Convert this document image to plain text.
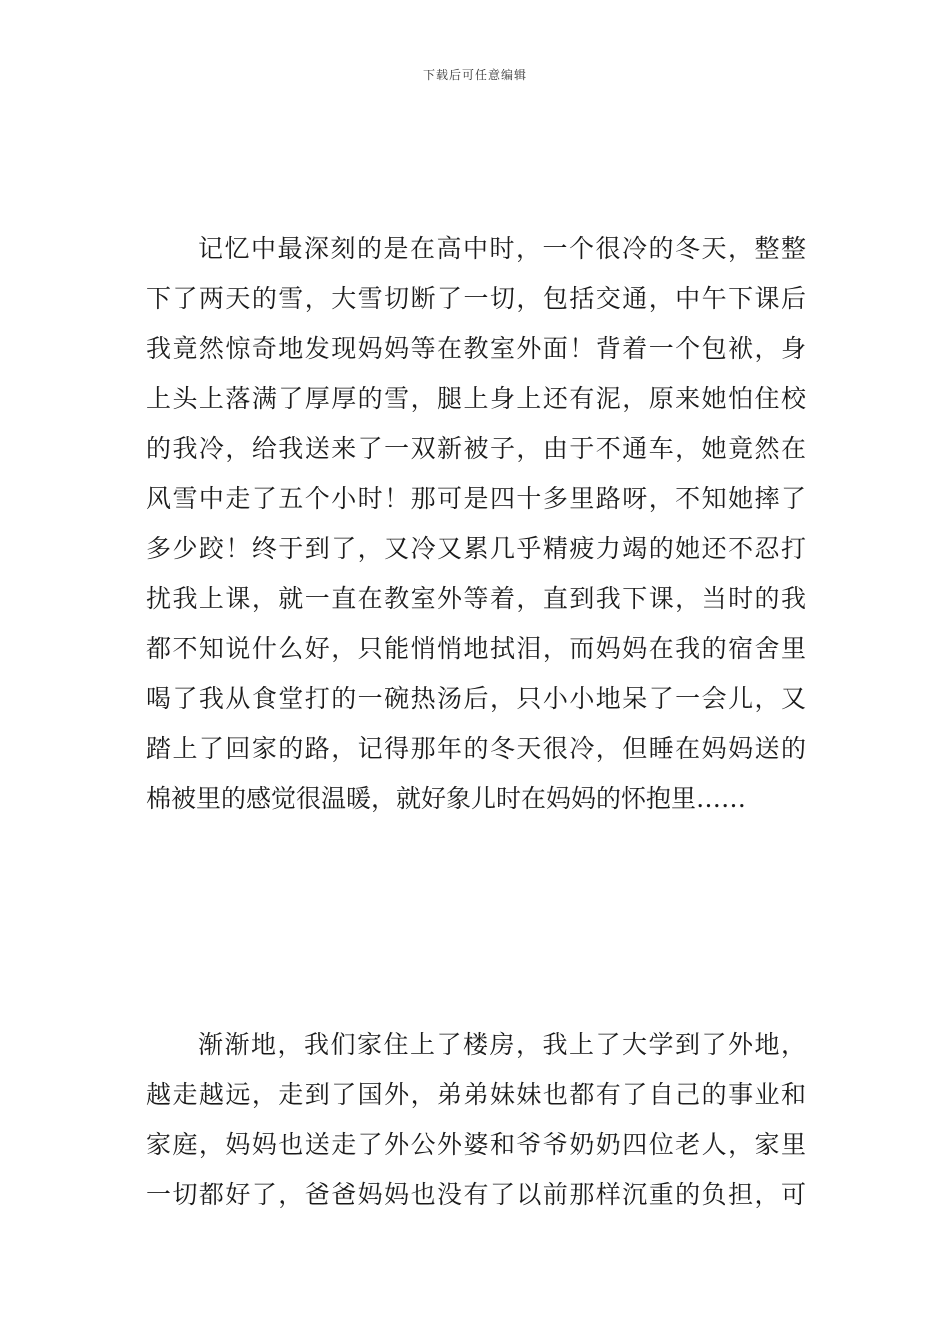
下载后可任意编辑
记忆中最深刻的是在高中时，一个很冷的冬天，整整
下了两天的雪，大雪切断了一切，包括交通，中午下课后
我竟然惊奇地发现妈妈等在教室外面！背着一个包袱，身
上头上落满了厚厚的雪，腿上身上还有泥，原来她怕住校
的我冷，给我送来了一双新被子，由于不通车，她竟然在
风雪中走了五个小时！那可是四十多里路呀，不知她摔了
多少跤！终于到了，又冷又累几乎精疲力竭的她还不忍打
扰我上课，就一直在教室外等着，直到我下课，当时的我
都不知说什么好，只能悄悄地拭泪，而妈妈在我的宿舍里
喝了我从食堂打的一碗热汤后，只小小地呆了一会儿，又
踏上了回家的路，记得那年的冬天很冷，但睡在妈妈送的
棉被里的感觉很温暖，就好象儿时在妈妈的怀抱里……
渐渐地，我们家住上了楼房，我上了大学到了外地，
越走越远，走到了国外，弟弟妹妹也都有了自己的事业和
家庭，妈妈也送走了外公外婆和爷爷奶奶四位老人，家里
一切都好了，爸爸妈妈也没有了以前那样沉重的负担，可
